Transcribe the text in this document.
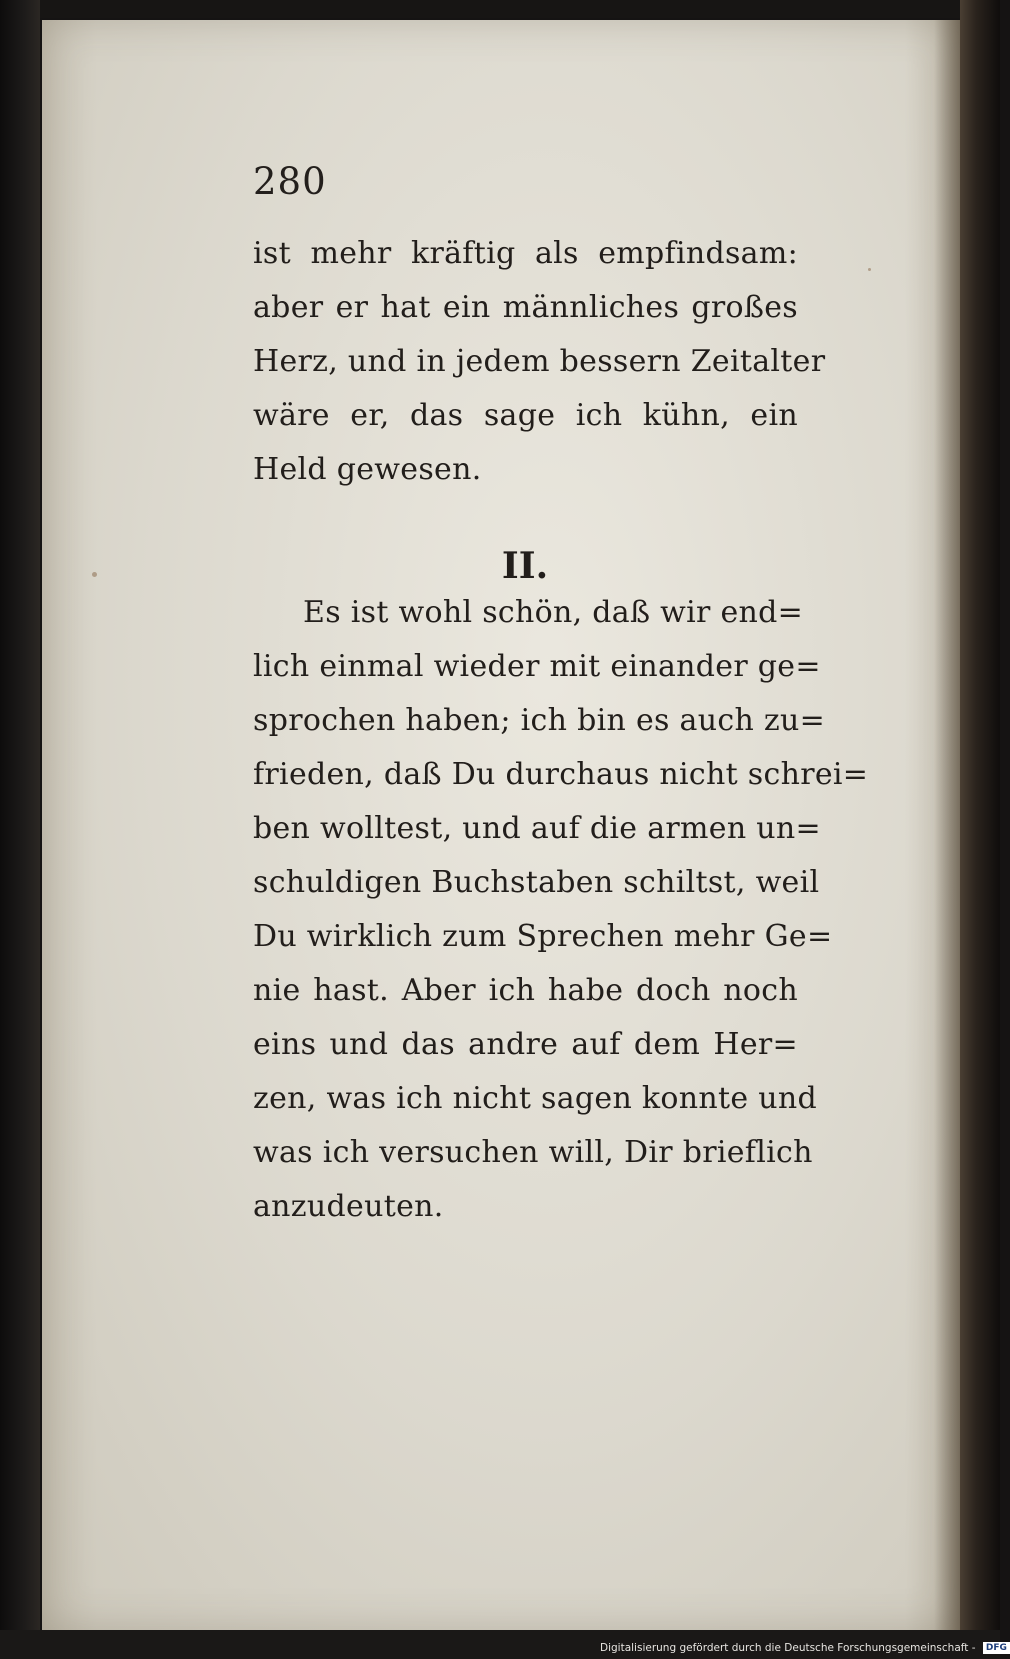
280
ist mehr kräftig als empfindsam:
aber er hat ein männliches großes
Herz, und in jedem bessern Zeitalter
wäre er, das sage ich kühn, ein
Held gewesen.
II.
Es ist wohl schön, daß wir end=
lich einmal wieder mit einander ge=
sprochen haben; ich bin es auch zu=
frieden, daß Du durchaus nicht schrei=
ben wolltest, und auf die armen un=
schuldigen Buchstaben schiltst, weil
Du wirklich zum Sprechen mehr Ge=
nie hast. Aber ich habe doch noch
eins und das andre auf dem Her=
zen, was ich nicht sagen konnte und
was ich versuchen will, Dir brieflich
anzudeuten.
Digitalisierung gefördert durch die Deutsche Forschungsgemeinschaft - DFG
